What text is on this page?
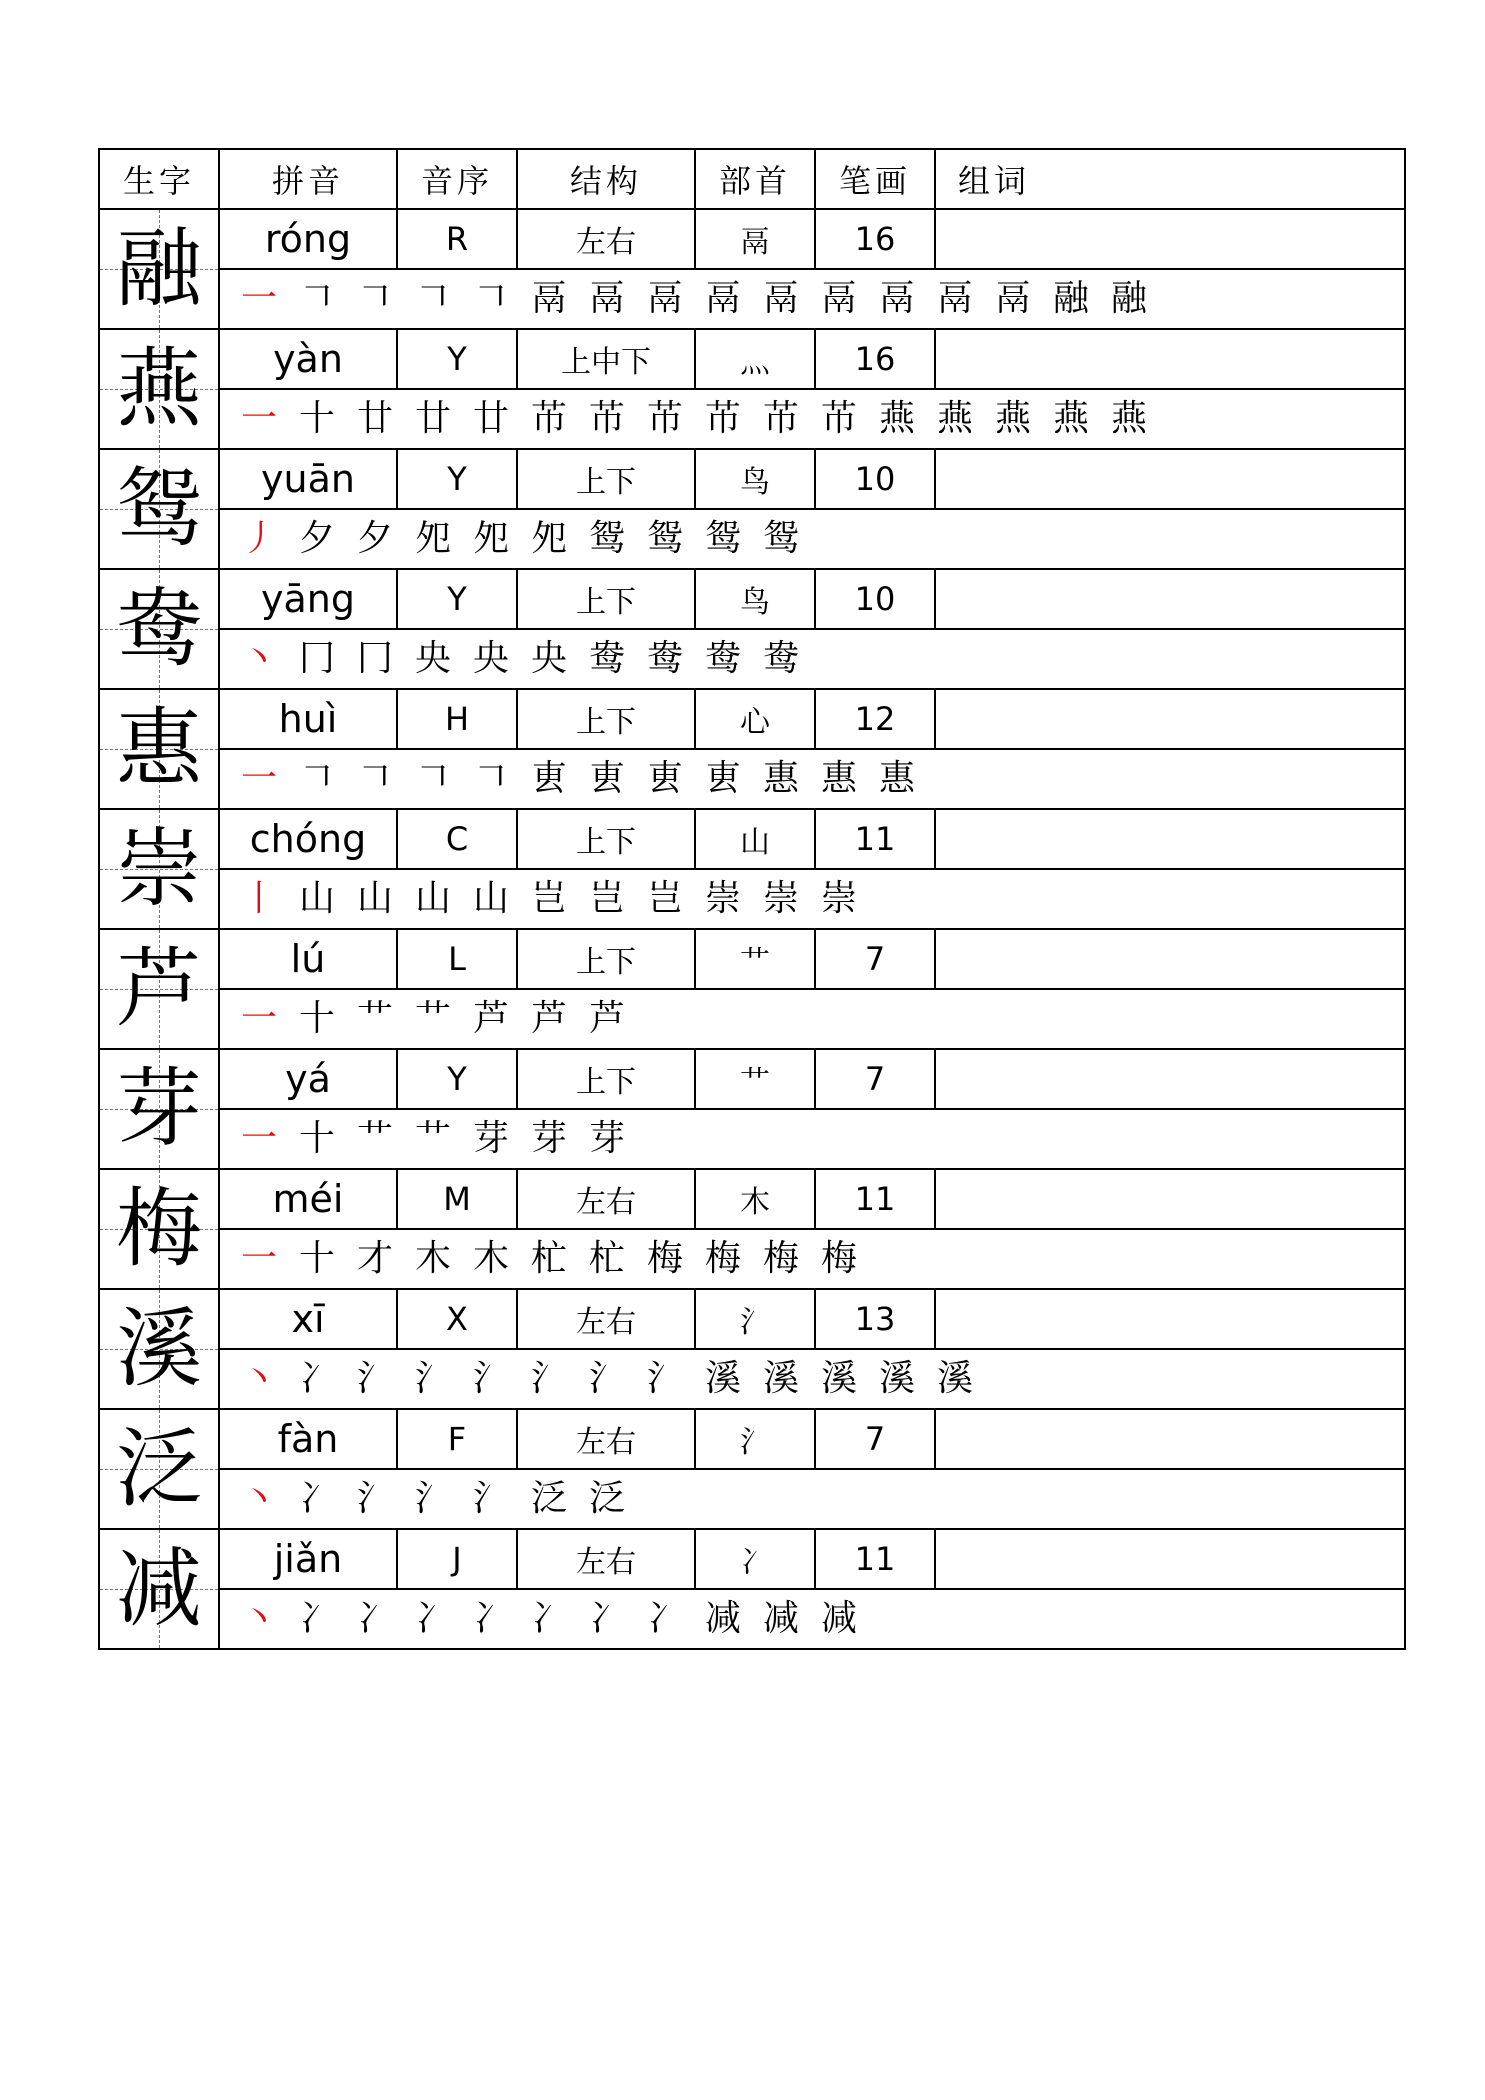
生字	拼音	音序	结构	部首	笔画	组词

融	róng	R	左右	鬲	16	
	一 𠃍 𠃍 𠃍 𠃍 鬲 鬲 鬲 鬲 鬲 鬲 鬲 鬲 鬲 融 融					

燕	yàn	Y	上中下	灬	16	
	一 十 廿 廿 廿 芇 芇 芇 芇 芇 芇 燕 燕 燕 燕 燕					

鸳	yuān	Y	上下	鸟	10	
	丿 夕 夕 夗 夗 夗 鸳 鸳 鸳 鸳					

鸯	yāng	Y	上下	鸟	10	
	丶 冂 冂 央 央 央 鸯 鸯 鸯 鸯					

惠	huì	H	上下	心	12	
	一 𠃍 𠃍 𠃍 𠃍 叀 叀 叀 叀 惠 惠 惠					

崇	chóng	C	上下	山	11	
	丨 山 山 山 山 岂 岂 岂 崇 崇 崇					

芦	lú	L	上下	艹	7	
	一 十 艹 艹 芦 芦 芦					

芽	yá	Y	上下	艹	7	
	一 十 艹 艹 芽 芽 芽					

梅	méi	M	左右	木	11	
	一 十 才 木 木 杧 杧 梅 梅 梅 梅					

溪	xī	X	左右	氵	13	
	丶 冫 氵 氵 氵 氵 氵 氵 溪 溪 溪 溪 溪					

泛	fàn	F	左右	氵	7	
	丶 冫 氵 氵 氵 泛 泛					

减	jiǎn	J	左右	冫	11	
	丶 冫 冫 冫 冫 冫 冫 冫 减 减 减					
